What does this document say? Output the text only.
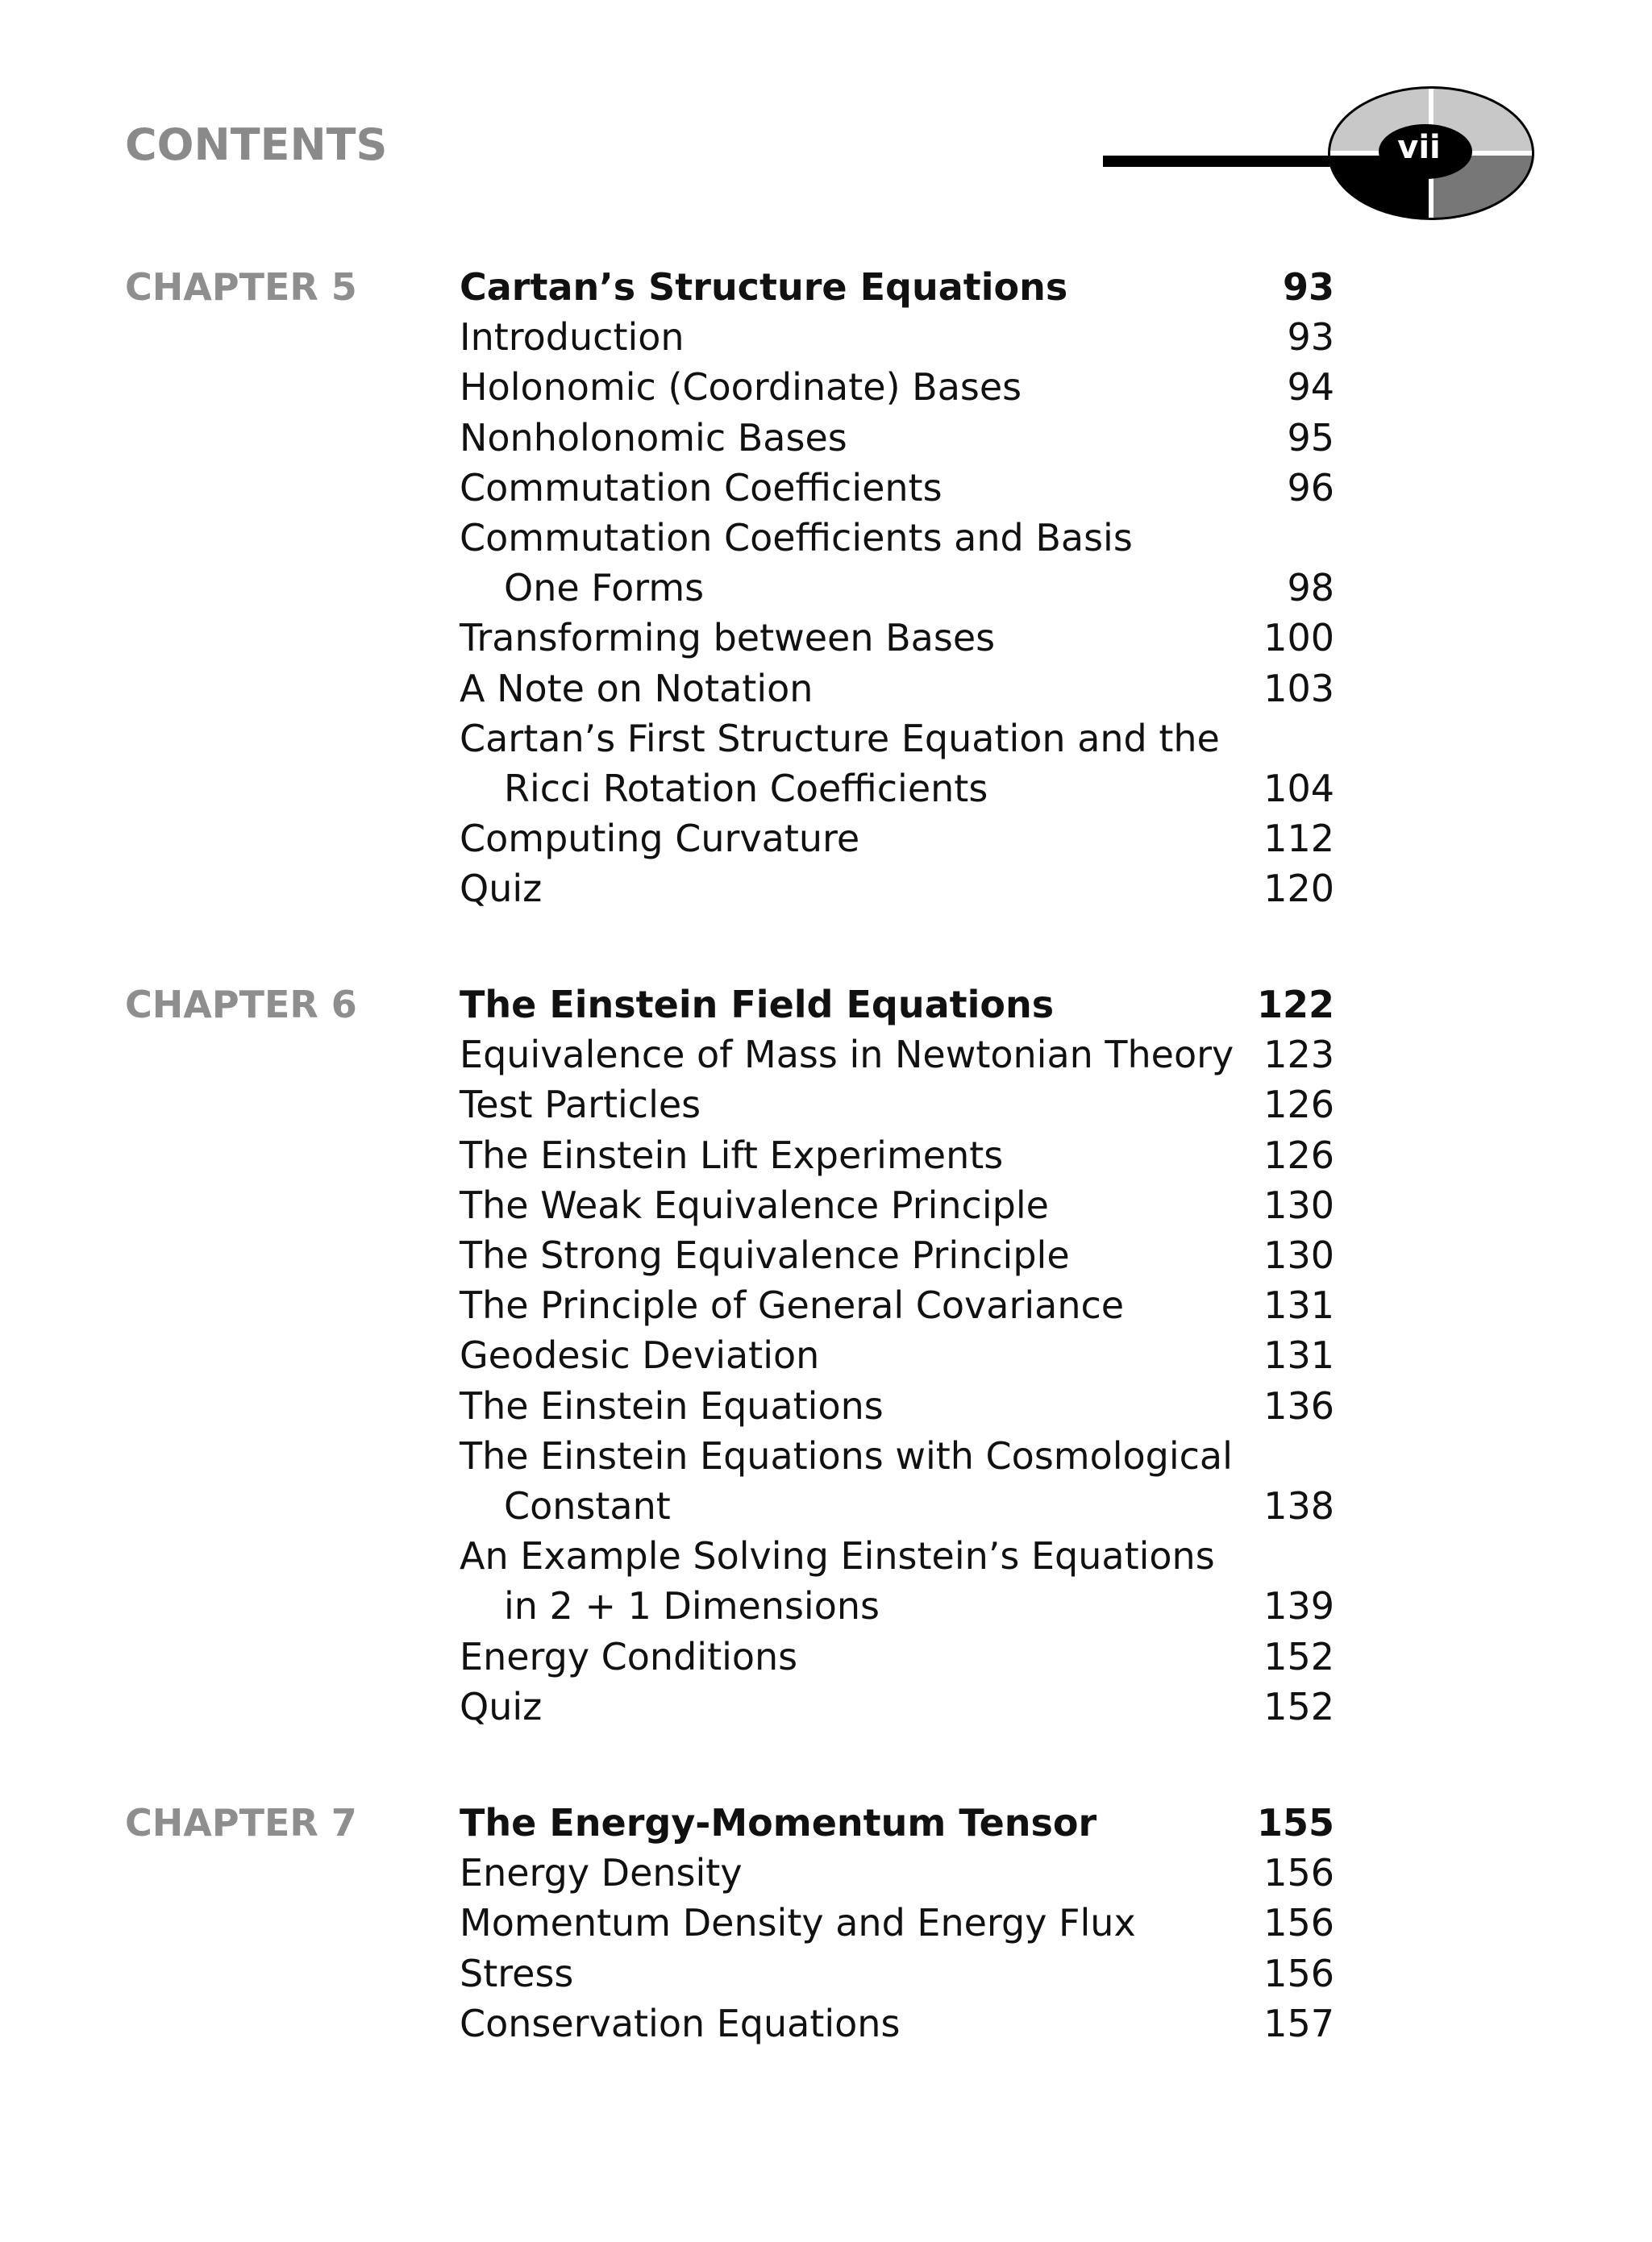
CONTENTS	vii
CHAPTER 5	Cartan’s Structure Equations	93
Introduction	93
Holonomic (Coordinate) Bases	94
Nonholonomic Bases	95
Commutation Coefficients	96
Commutation Coefficients and Basis
One Forms	98
Transforming between Bases	100
A Note on Notation	103
Cartan’s First Structure Equation and the
Ricci Rotation Coefficients	104
Computing Curvature	112
Quiz	120
CHAPTER 6	The Einstein Field Equations	122
Equivalence of Mass in Newtonian Theory 123
Test Particles	126
The Einstein Lift Experiments	126
The Weak Equivalence Principle	130
The Strong Equivalence Principle	130
The Principle of General Covariance	131
Geodesic Deviation	131
The Einstein Equations	136
The Einstein Equations with Cosmological
Constant	138
An Example Solving Einstein’s Equations
in 2 + 1 Dimensions	139
Energy Conditions	152
Quiz	152
CHAPTER 7	The Energy-Momentum Tensor	155
Energy Density	156
Momentum Density and Energy Flux	156
Stress	156
Conservation Equations	157
